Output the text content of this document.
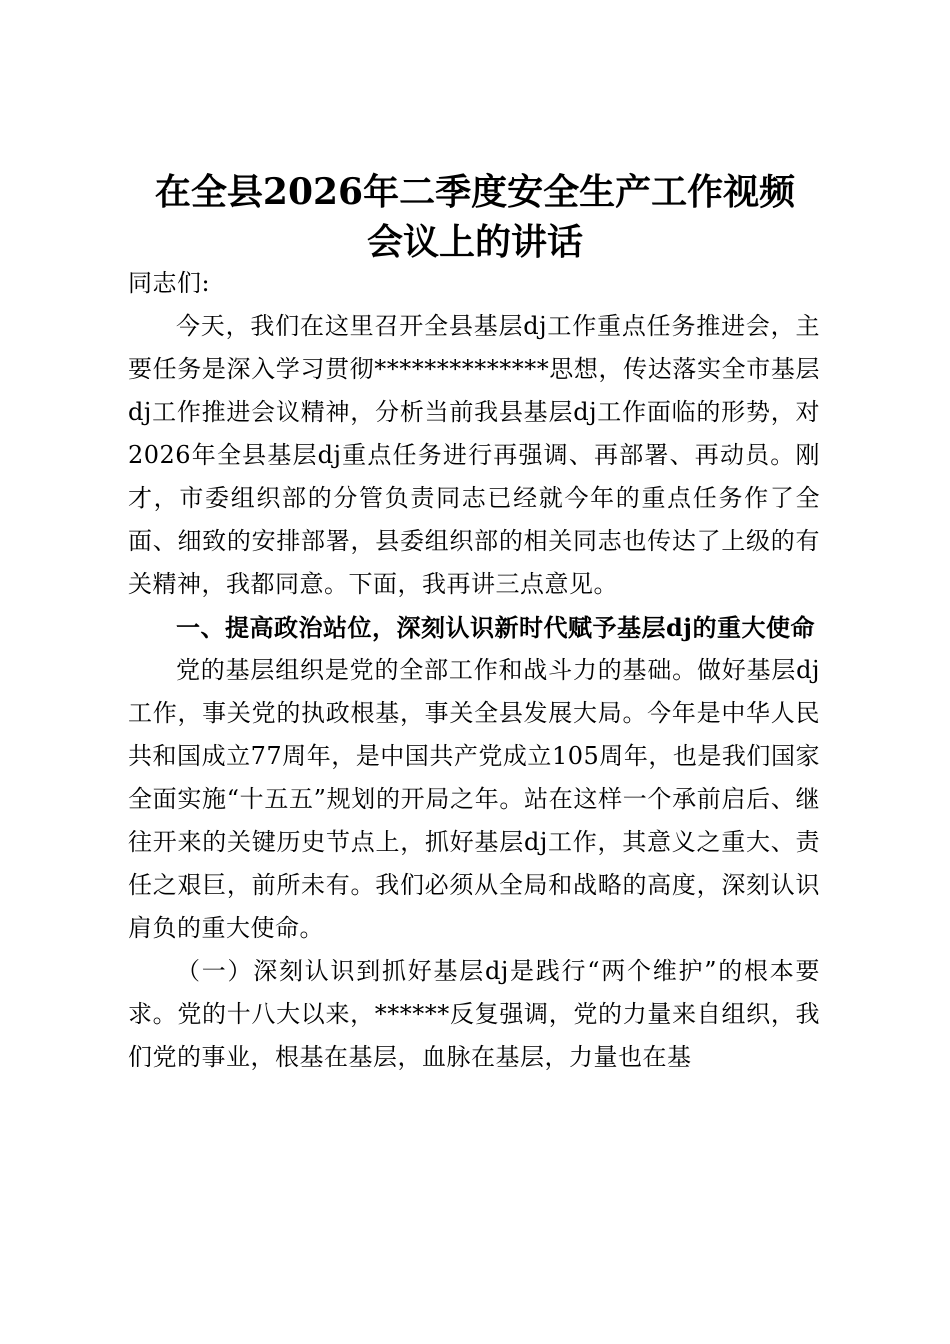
在全县2026年二季度安全生产工作视频
会议上的讲话

同志们:

今天，我们在这里召开全县基层dj工作重点任务推进会，主要任务是深入学习贯彻**************思想，传达落实全市基层dj工作推进会议精神，分析当前我县基层dj工作面临的形势，对2026年全县基层dj重点任务进行再强调、再部署、再动员。刚才，市委组织部的分管负责同志已经就今年的重点任务作了全面、细致的安排部署，县委组织部的相关同志也传达了上级的有关精神，我都同意。下面，我再讲三点意见。

一、提高政治站位，深刻认识新时代赋予基层dj的重大使命

党的基层组织是党的全部工作和战斗力的基础。做好基层dj工作，事关党的执政根基，事关全县发展大局。今年是中华人民共和国成立77周年，是中国共产党成立105周年，也是我们国家全面实施“十五五”规划的开局之年。站在这样一个承前启后、继往开来的关键历史节点上，抓好基层dj工作，其意义之重大、责任之艰巨，前所未有。我们必须从全局和战略的高度，深刻认识肩负的重大使命。

（一）深刻认识到抓好基层dj是践行“两个维护”的根本要求。党的十八大以来，******反复强调，党的力量来自组织，我们党的事业，根基在基层，血脉在基层，力量也在基
